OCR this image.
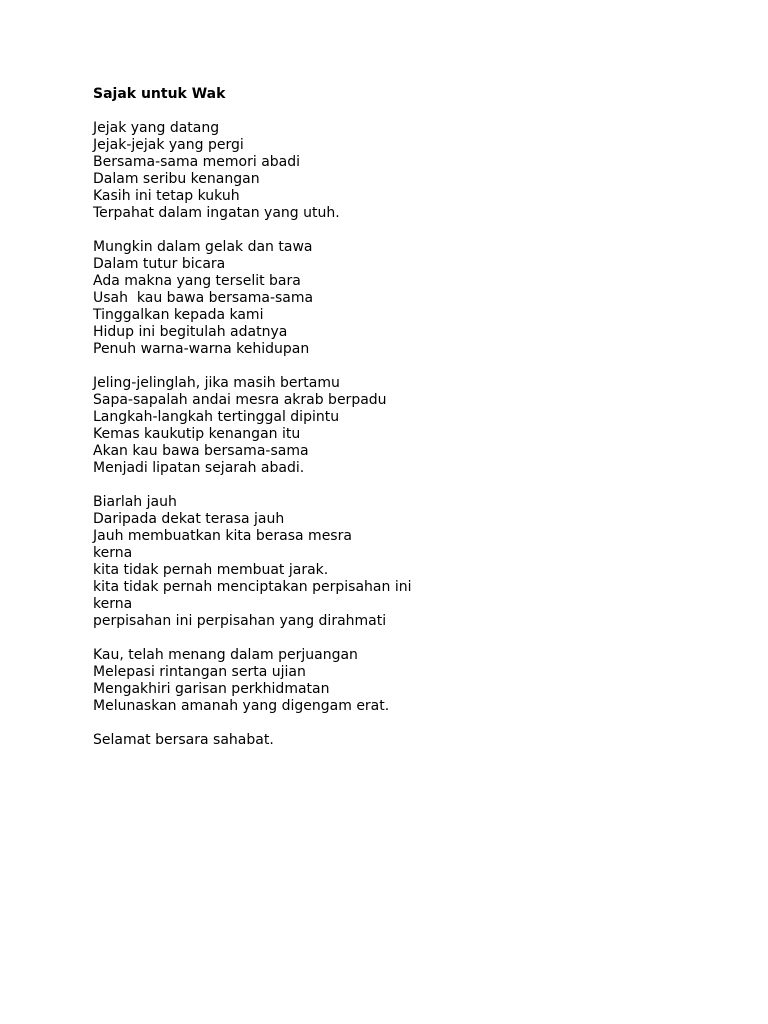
Sajak untuk Wak
Jejak yang datang
Jejak-jejak yang pergi
Bersama-sama memori abadi
Dalam seribu kenangan
Kasih ini tetap kukuh
Terpahat dalam ingatan yang utuh.
Mungkin dalam gelak dan tawa
Dalam tutur bicara
Ada makna yang terselit bara
Usah  kau bawa bersama-sama
Tinggalkan kepada kami
Hidup ini begitulah adatnya
Penuh warna-warna kehidupan
Jeling-jelinglah, jika masih bertamu
Sapa-sapalah andai mesra akrab berpadu
Langkah-langkah tertinggal dipintu
Kemas kaukutip kenangan itu
Akan kau bawa bersama-sama
Menjadi lipatan sejarah abadi.
Biarlah jauh
Daripada dekat terasa jauh
Jauh membuatkan kita berasa mesra
kerna
kita tidak pernah membuat jarak.
kita tidak pernah menciptakan perpisahan ini
kerna
perpisahan ini perpisahan yang dirahmati
Kau, telah menang dalam perjuangan
Melepasi rintangan serta ujian
Mengakhiri garisan perkhidmatan
Melunaskan amanah yang digengam erat.
Selamat bersara sahabat.
